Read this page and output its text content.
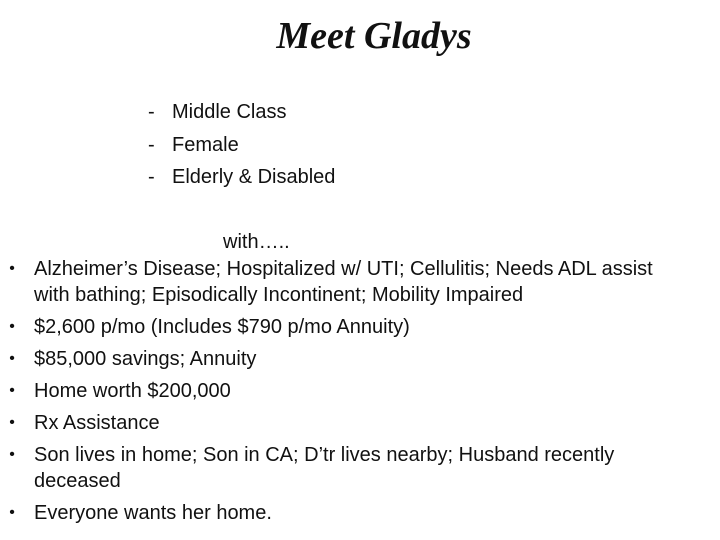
Meet Gladys
- Middle Class
- Female
- Elderly & Disabled
with…..
• Alzheimer’s Disease; Hospitalized w/ UTI; Cellulitis; Needs ADL assist with bathing; Episodically Incontinent; Mobility Impaired
• $2,600 p/mo (Includes $790 p/mo Annuity)
• $85,000 savings; Annuity
• Home worth $200,000
• Rx Assistance
• Son lives in home; Son in CA; D’tr lives nearby; Husband recently deceased
• Everyone wants her home.
